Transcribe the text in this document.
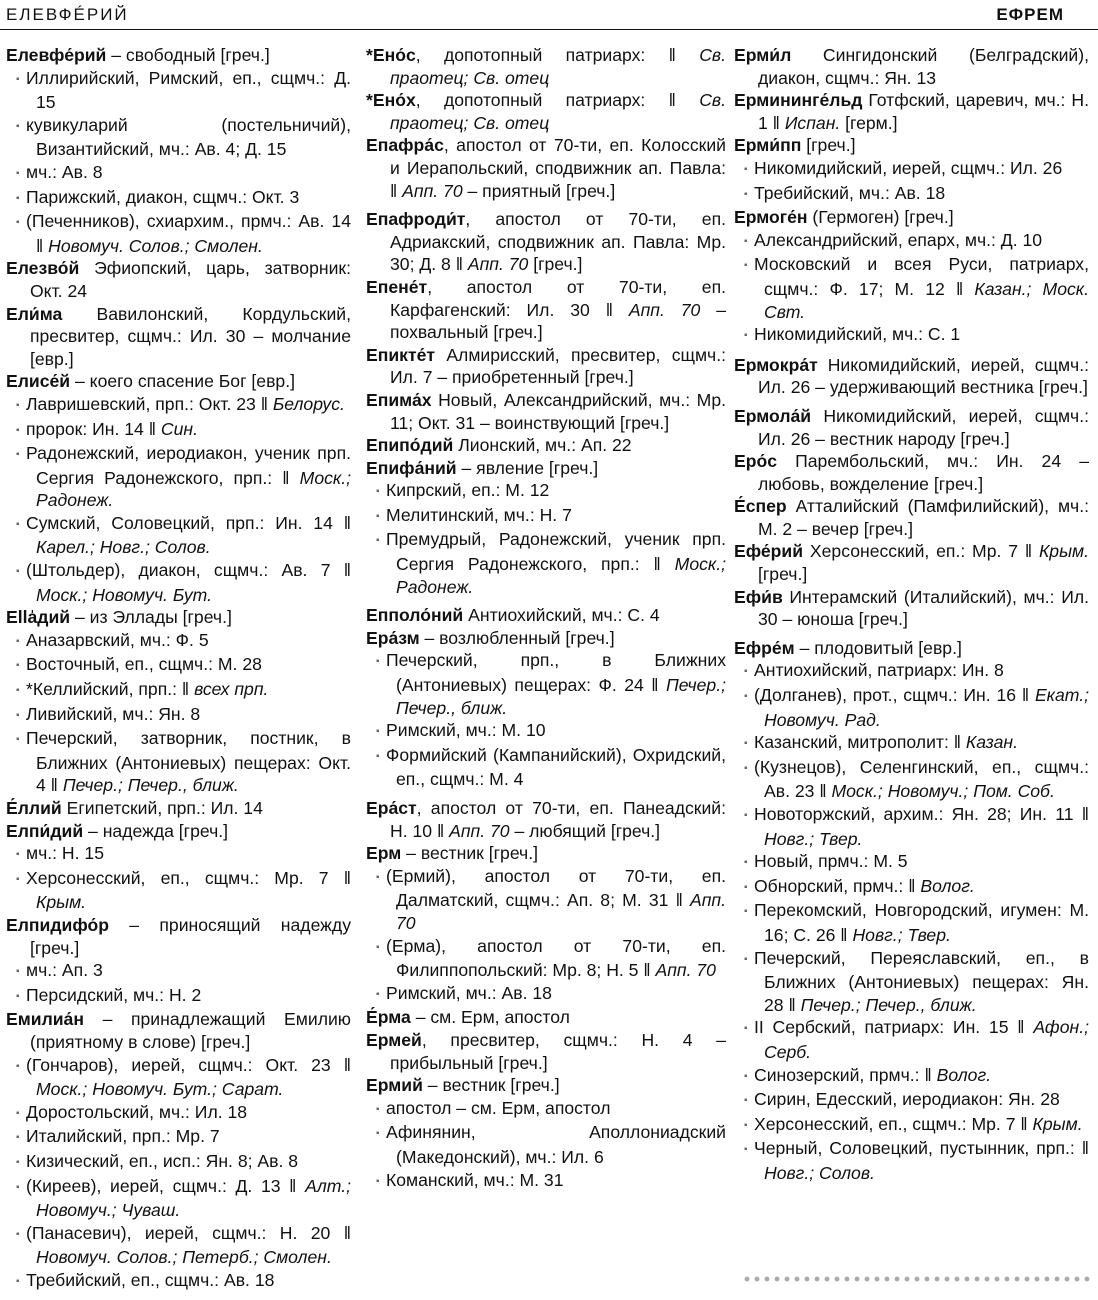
ЕЛЕВФÉРИЙ	ЕФРЕМ

Елевфе́рий – свободный [греч.]

▪ Иллирийский, Римский, еп., сщмч.: Д. 15

▪ кувикуларий (постельничий), Византийский, мч.: Ав. 4; Д. 15

▪ мч.: Ав. 8

▪ Парижский, диакон, сщмч.: Окт. 3

▪ (Печенников), схиархим., прмч.: Ав. 14 ‖ Новомуч. Солов.; Смолен.

Елезво́й Эфиопский, царь, затворник: Окт. 24

Ели́ма Вавилонский, Кордульский, пресвитер, сщмч.: Ил. 30 – молчание [евр.]

Елисе́й – коего спасение Бог [евр.]

▪ Лавришевский, прп.: Окт. 23 ‖ Белорус.

▪ пророк: Ин. 14 ‖ Син.

▪ Радонежский, иеродиакон, ученик прп. Сергия Радонежского, прп.: ‖ Моск.; Радонеж.

▪ Сумский, Соловецкий, прп.: Ин. 14 ‖ Карел.; Новг.; Солов.

▪ (Штольдер), диакон, сщмч.: Ав. 7 ‖ Моск.; Новомуч. Бут.

Ella̍дий – из Эллады [греч.]

▪ Аназарвский, мч.: Ф. 5

▪ Восточный, еп., сщмч.: М. 28

▪ *Келлийский, прп.: ‖ всех прп.

▪ Ливийский, мч.: Ян. 8

▪ Печерский, затворник, постник, в Ближних (Антониевых) пещерах: Окт. 4 ‖ Печер.; Печер., ближ.

Е́ллий Египетский, прп.: Ил. 14

Елпи́дий – надежда [греч.]

▪ мч.: Н. 15

▪ Херсонесский, еп., сщмч.: Мр. 7 ‖ Крым.

Елпидифо́р – приносящий надежду [греч.]

▪ мч.: Ап. 3

▪ Персидский, мч.: Н. 2

Емилиа́н – принадлежащий Емилию (приятному в слове) [греч.]

▪ (Гончаров), иерей, сщмч.: Окт. 23 ‖ Моск.; Новомуч. Бут.; Сарат.

▪ Доростольский, мч.: Ил. 18

▪ Италийский, прп.: Мр. 7

▪ Кизический, еп., исп.: Ян. 8; Ав. 8

▪ (Киреев), иерей, сщмч.: Д. 13 ‖ Алт.; Новомуч.; Чуваш.

▪ (Панасевич), иерей, сщмч.: Н. 20 ‖ Новомуч. Солов.; Петерб.; Смолен.

▪ Требийский, еп., сщмч.: Ав. 18

*Ено́с, допотопный патриарх: ‖ Св. праотец; Св. отец

*Ено́х, допотопный патриарх: ‖ Св. праотец; Св. отец

Епафра́с, апостол от 70-ти, еп. Колосский и Иерапольский, сподвижник ап. Павла: ‖ Апп. 70 – приятный [греч.]

Епафроди́т, апостол от 70-ти, еп. Адриакский, сподвижник ап. Павла: Мр. 30; Д. 8 ‖ Апп. 70 [греч.]

Епене́т, апостол от 70-ти, еп. Карфагенский: Ил. 30 ‖ Апп. 70 – похвальный [греч.]

Епикте́т Алмирисский, пресвитер, сщмч.: Ил. 7 – приобретенный [греч.]

Епима́х Новый, Александрийский, мч.: Мр. 11; Окт. 31 – воинствующий [греч.]

Епипо́дий Лионский, мч.: Ап. 22

Епифа́ний – явление [греч.]

▪ Кипрский, еп.: М. 12

▪ Мелитинский, мч.: Н. 7

▪ Премудрый, Радонежский, ученик прп. Сергия Радонежского, прп.: ‖ Моск.; Радонеж.

Епполо́ний Антиохийский, мч.: С. 4

Ера́зм – возлюбленный [греч.]

▪ Печерский, прп., в Ближних (Антониевых) пещерах: Ф. 24 ‖ Печер.; Печер., ближ.

▪ Римский, мч.: М. 10

▪ Формийский (Кампанийский), Охридский, еп., сщмч.: М. 4

Ера́ст, апостол от 70-ти, еп. Панеадский: Н. 10 ‖ Апп. 70 – любящий [греч.]

Ерм – вестник [греч.]

▪ (Ермий), апостол от 70-ти, еп. Далматский, сщмч.: Ап. 8; М. 31 ‖ Апп. 70

▪ (Ерма), апостол от 70-ти, еп. Филиппопольский: Мр. 8; Н. 5 ‖ Апп. 70

▪ Римский, мч.: Ав. 18

Е́рма – см. Ерм, апостол

Ермей, пресвитер, сщмч.: Н. 4 – прибыльный [греч.]

Ермий – вестник [греч.]

▪ апостол – см. Ерм, апостол

▪ Афинянин, Аполлониадский (Македонский), мч.: Ил. 6

▪ Команский, мч.: М. 31

Ерми́л Сингидонский (Белградский), диакон, сщмч.: Ян. 13

Ермининге́льд Готфский, царевич, мч.: Н. 1 ‖ Испан. [герм.]

Ерми́пп [греч.]

▪ Никомидийский, иерей, сщмч.: Ил. 26

▪ Требийский, мч.: Ав. 18

Ермоге́н (Гермоген) [греч.]

▪ Александрийский, епарх, мч.: Д. 10

▪ Московский и всея Руси, патриарх, сщмч.: Ф. 17; М. 12 ‖ Казан.; Моск. Свт.

▪ Никомидийский, мч.: С. 1

Ермокра́т Никомидийский, иерей, сщмч.: Ил. 26 – удерживающий вестника [греч.]

Ермола́й Никомидийский, иерей, сщмч.: Ил. 26 – вестник народу [греч.]

Еро́с Парембольский, мч.: Ин. 24 – любовь, вожделение [греч.]

Е́спер Атталийский (Памфилийский), мч.: М. 2 – вечер [греч.]

Ефе́рий Херсонесский, еп.: Мр. 7 ‖ Крым. [греч.]

Ефи́в Интерамский (Италийский), мч.: Ил. 30 – юноша [греч.]

Ефре́м – плодовитый [евр.]

▪ Антиохийский, патриарх: Ин. 8

▪ (Долганев), прот., сщмч.: Ин. 16 ‖ Екат.; Новомуч. Рад.

▪ Казанский, митрополит: ‖ Казан.

▪ (Кузнецов), Селенгинский, еп., сщмч.: Ав. 23 ‖ Моск.; Новомуч.; Пом. Соб.

▪ Новоторжский, архим.: Ян. 28; Ин. 11 ‖ Новг.; Твер.

▪ Новый, прмч.: М. 5

▪ Обнорский, прмч.: ‖ Волог.

▪ Перекомский, Новгородский, игумен: М. 16; С. 26 ‖ Новг.; Твер.

▪ Печерский, Переяславский, еп., в Ближних (Антониевых) пещерах: Ян. 28 ‖ Печер.; Печер., ближ.

▪ II Сербский, патриарх: Ин. 15 ‖ Афон.; Серб.

▪ Синозерский, прмч.: ‖ Волог.

▪ Сирин, Едесский, иеродиакон: Ян. 28

▪ Херсонесский, еп., сщмч.: Мр. 7 ‖ Крым.

▪ Черный, Соловецкий, пустынник, прп.: ‖ Новг.; Солов.
